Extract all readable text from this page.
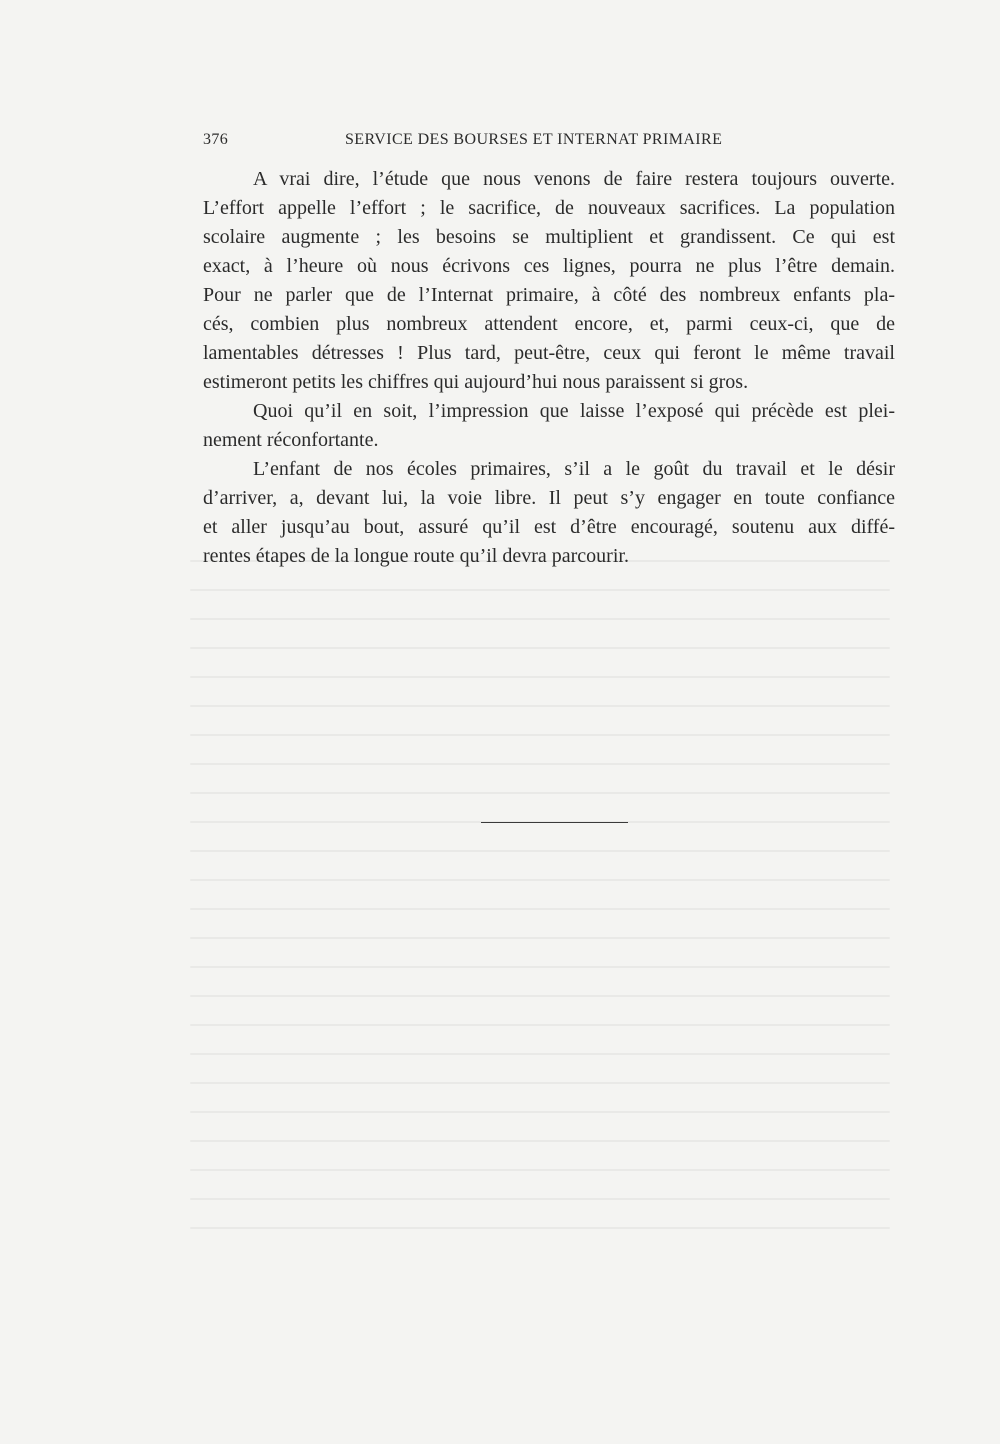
376	SERVICE DES BOURSES ET INTERNAT PRIMAIRE
A vrai dire, l’étude que nous venons de faire restera toujours ouverte.
L’effort appelle l’effort ; le sacrifice, de nouveaux sacrifices. La population
scolaire augmente ; les besoins se multiplient et grandissent. Ce qui est
exact, à l’heure où nous écrivons ces lignes, pourra ne plus l’être demain.
Pour ne parler que de l’Internat primaire, à côté des nombreux enfants pla-
cés, combien plus nombreux attendent encore, et, parmi ceux-ci, que de
lamentables détresses ! Plus tard, peut-être, ceux qui feront le même travail
estimeront petits les chiffres qui aujourd’hui nous paraissent si gros.
Quoi qu’il en soit, l’impression que laisse l’exposé qui précède est plei-
nement réconfortante.
L’enfant de nos écoles primaires, s’il a le goût du travail et le désir
d’arriver, a, devant lui, la voie libre. Il peut s’y engager en toute confiance
et aller jusqu’au bout, assuré qu’il est d’être encouragé, soutenu aux diffé-
rentes étapes de la longue route qu’il devra parcourir.
